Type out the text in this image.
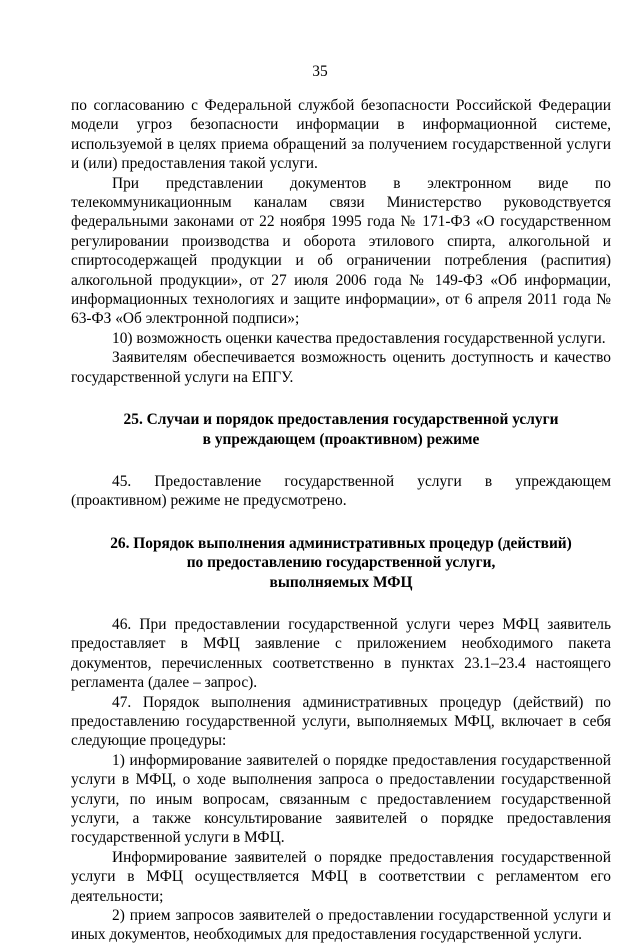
35

по согласованию с Федеральной службой безопасности Российской Федерации модели угроз безопасности информации в информационной системе, используемой в целях приема обращений за получением государственной услуги и (или) предоставления такой услуги.

При представлении документов в электронном виде по телекоммуникационным каналам связи Министерство руководствуется федеральными законами от 22 ноября 1995 года № 171-ФЗ «О государственном регулировании производства и оборота этилового спирта, алкогольной и спиртосодержащей продукции и об ограничении потребления (распития) алкогольной продукции», от 27 июля 2006 года № 149-ФЗ «Об информации, информационных технологиях и защите информации», от 6 апреля 2011 года № 63-ФЗ «Об электронной подписи»;

10) возможность оценки качества предоставления государственной услуги.

Заявителям обеспечивается возможность оценить доступность и качество государственной услуги на ЕПГУ.

25. Случаи и порядок предоставления государственной услуги
в упреждающем (проактивном) режиме

45. Предоставление государственной услуги в упреждающем (проактивном) режиме не предусмотрено.

26. Порядок выполнения административных процедур (действий)
по предоставлению государственной услуги,
выполняемых МФЦ

46. При предоставлении государственной услуги через МФЦ заявитель предоставляет в МФЦ заявление с приложением необходимого пакета документов, перечисленных соответственно в пунктах 23.1–23.4 настоящего регламента (далее – запрос).

47. Порядок выполнения административных процедур (действий) по предоставлению государственной услуги, выполняемых МФЦ, включает в себя следующие процедуры:

1) информирование заявителей о порядке предоставления государственной услуги в МФЦ, о ходе выполнения запроса о предоставлении государственной услуги, по иным вопросам, связанным с предоставлением государственной услуги, а также консультирование заявителей о порядке предоставления государственной услуги в МФЦ.

Информирование заявителей о порядке предоставления государственной услуги в МФЦ осуществляется МФЦ в соответствии с регламентом его деятельности;

2) прием запросов заявителей о предоставлении государственной услуги и иных документов, необходимых для предоставления государственной услуги.
